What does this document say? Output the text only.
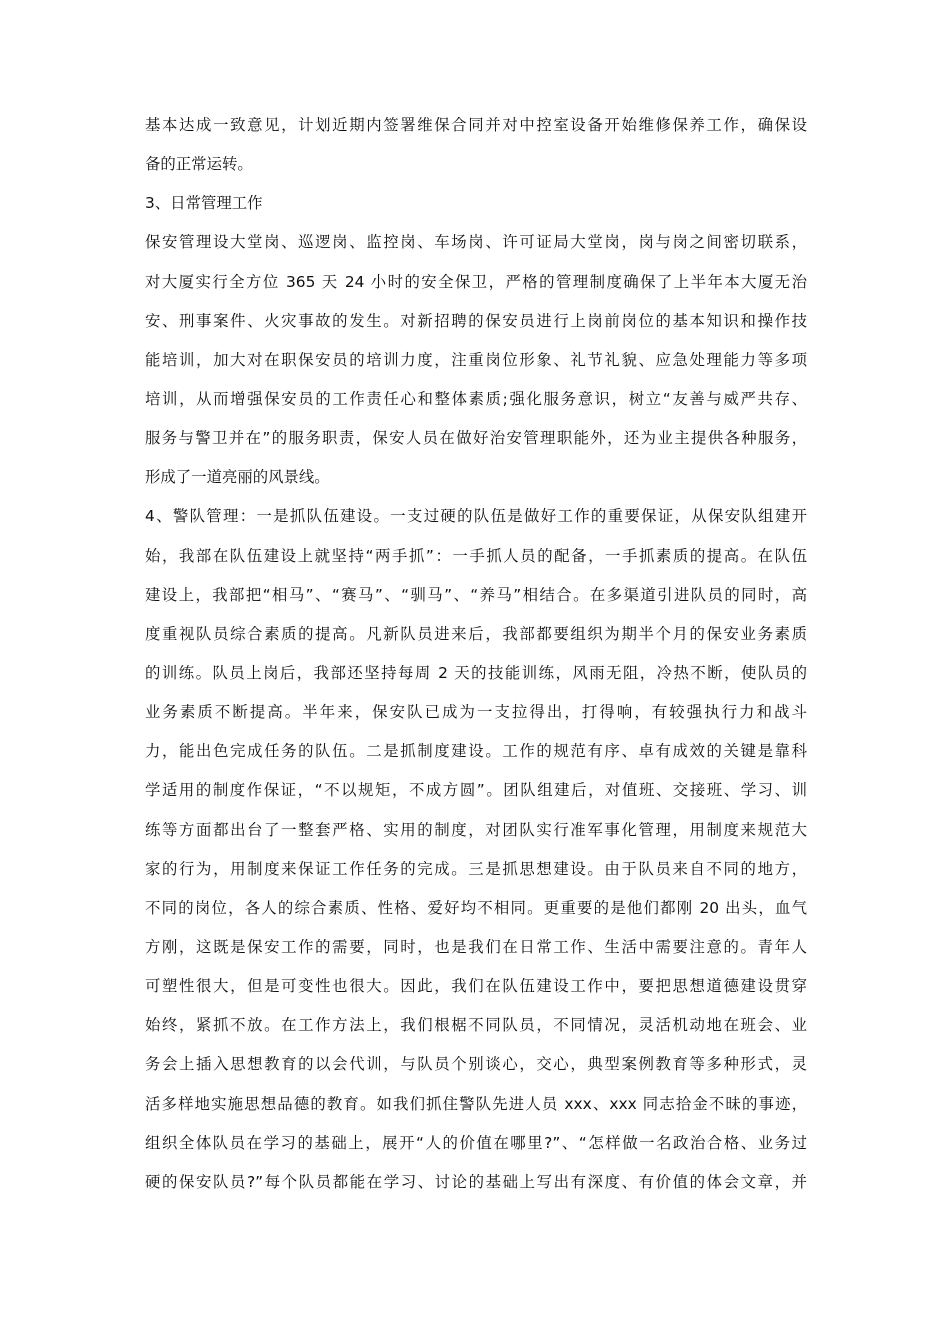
基本达成一致意见，计划近期内签署维保合同并对中控室设备开始维修保养工作，确保设
备的正常运转。
3、日常管理工作
保安管理设大堂岗、巡逻岗、监控岗、车场岗、许可证局大堂岗，岗与岗之间密切联系，
对大厦实行全方位 365 天 24 小时的安全保卫，严格的管理制度确保了上半年本大厦无治
安、刑事案件、火灾事故的发生。对新招聘的保安员进行上岗前岗位的基本知识和操作技
能培训，加大对在职保安员的培训力度，注重岗位形象、礼节礼貌、应急处理能力等多项
培训，从而增强保安员的工作责任心和整体素质;强化服务意识，树立“友善与威严共存、
服务与警卫并在”的服务职责，保安人员在做好治安管理职能外，还为业主提供各种服务，
形成了一道亮丽的风景线。
4、警队管理：一是抓队伍建设。一支过硬的队伍是做好工作的重要保证，从保安队组建开
始，我部在队伍建设上就坚持“两手抓”：一手抓人员的配备，一手抓素质的提高。在队伍
建设上，我部把“相马”、“赛马”、“驯马”、“养马”相结合。在多渠道引进队员的同时，高
度重视队员综合素质的提高。凡新队员进来后，我部都要组织为期半个月的保安业务素质
的训练。队员上岗后，我部还坚持每周 2 天的技能训练，风雨无阻，冷热不断，使队员的
业务素质不断提高。半年来，保安队已成为一支拉得出，打得响，有较强执行力和战斗
力，能出色完成任务的队伍。二是抓制度建设。工作的规范有序、卓有成效的关键是靠科
学适用的制度作保证，“不以规矩，不成方圆”。团队组建后，对值班、交接班、学习、训
练等方面都出台了一整套严格、实用的制度，对团队实行准军事化管理，用制度来规范大
家的行为，用制度来保证工作任务的完成。三是抓思想建设。由于队员来自不同的地方，
不同的岗位，各人的综合素质、性格、爱好均不相同。更重要的是他们都刚 20 出头，血气
方刚，这既是保安工作的需要，同时，也是我们在日常工作、生活中需要注意的。青年人
可塑性很大，但是可变性也很大。因此，我们在队伍建设工作中，要把思想道德建设贯穿
始终，紧抓不放。在工作方法上，我们根椐不同队员，不同情况，灵活机动地在班会、业
务会上插入思想教育的以会代训，与队员个别谈心，交心，典型案例教育等多种形式，灵
活多样地实施思想品德的教育。如我们抓住警队先进人员 xxx、xxx 同志拾金不昧的事迹，
组织全体队员在学习的基础上，展开“人的价值在哪里?”、“怎样做一名政治合格、业务过
硬的保安队员?”每个队员都能在学习、讨论的基础上写出有深度、有价值的体会文章，并
